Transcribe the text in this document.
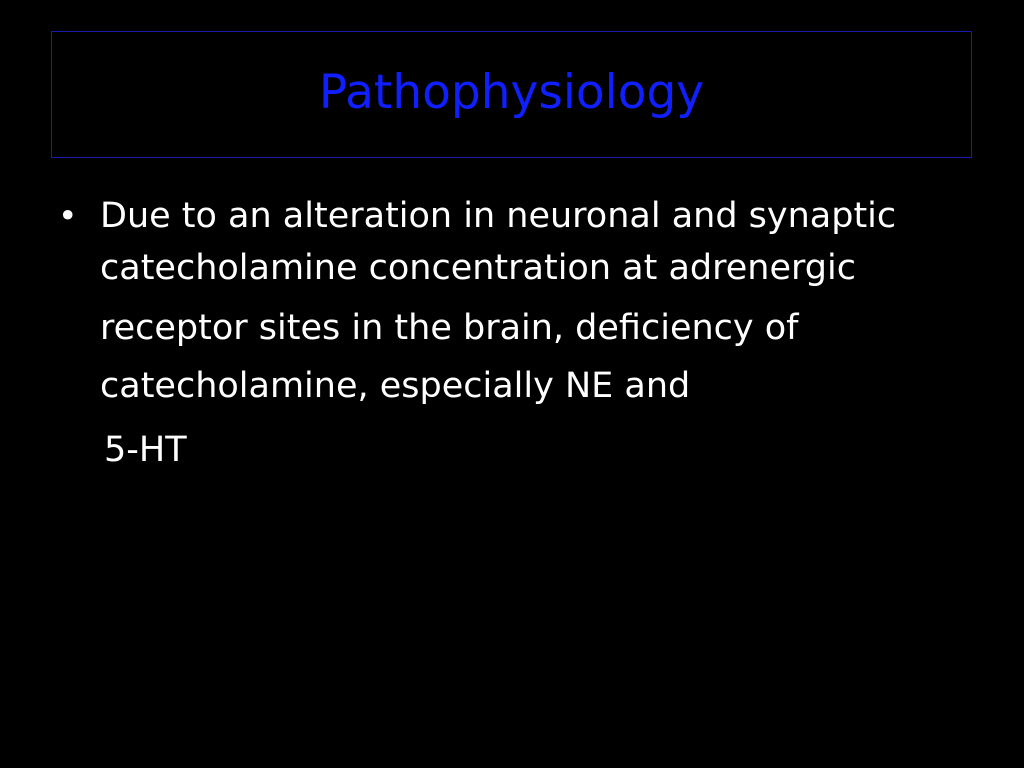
Pathophysiology
• Due to an alteration in neuronal and synaptic
catecholamine concentration at adrenergic
receptor sites in the brain, deficiency of
catecholamine, especially NE and
5-HT
